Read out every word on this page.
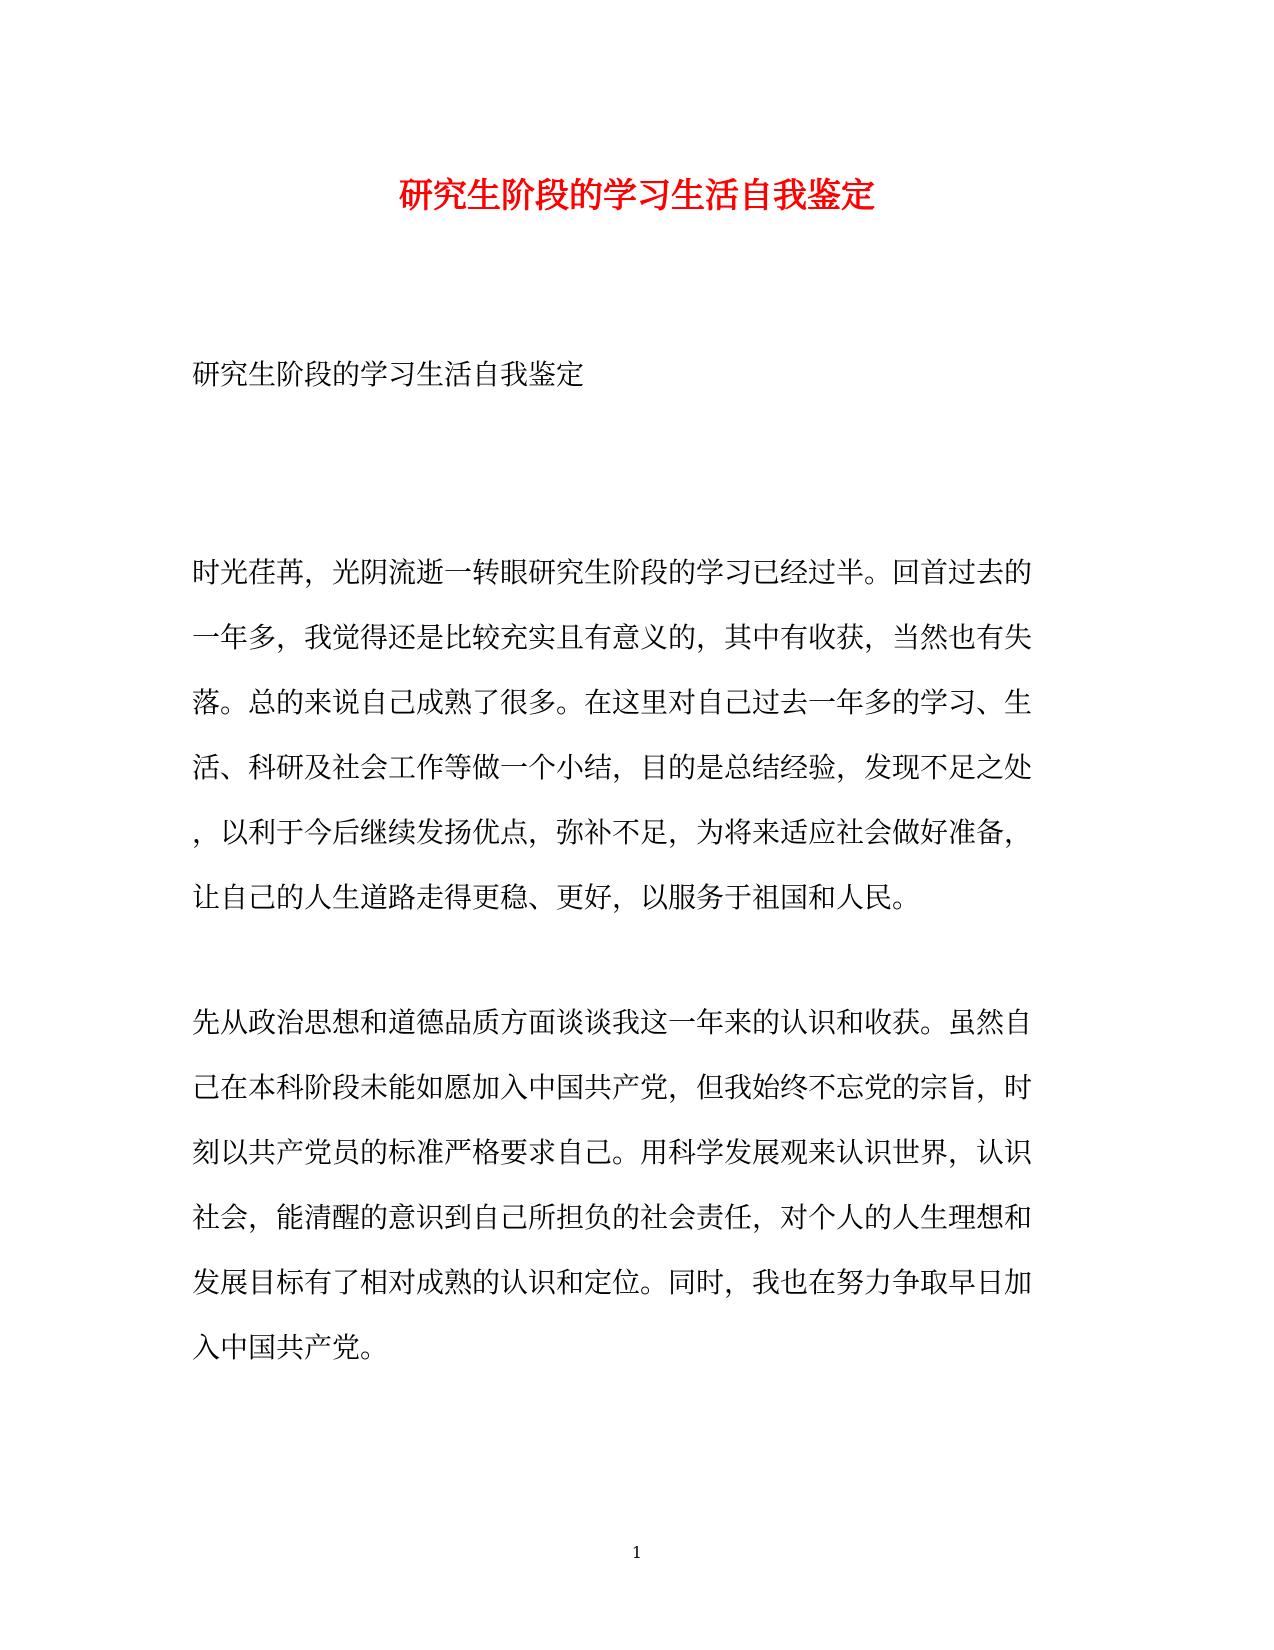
研究生阶段的学习生活自我鉴定
研究生阶段的学习生活自我鉴定
时光荏苒，光阴流逝一转眼研究生阶段的学习已经过半。回首过去的
一年多，我觉得还是比较充实且有意义的，其中有收获，当然也有失
落。总的来说自己成熟了很多。在这里对自己过去一年多的学习、生
活、科研及社会工作等做一个小结，目的是总结经验，发现不足之处
，以利于今后继续发扬优点，弥补不足，为将来适应社会做好准备，
让自己的人生道路走得更稳、更好，以服务于祖国和人民。
先从政治思想和道德品质方面谈谈我这一年来的认识和收获。虽然自
己在本科阶段未能如愿加入中国共产党，但我始终不忘党的宗旨，时
刻以共产党员的标准严格要求自己。用科学发展观来认识世界，认识
社会，能清醒的意识到自己所担负的社会责任，对个人的人生理想和
发展目标有了相对成熟的认识和定位。同时，我也在努力争取早日加
入中国共产党。
1
